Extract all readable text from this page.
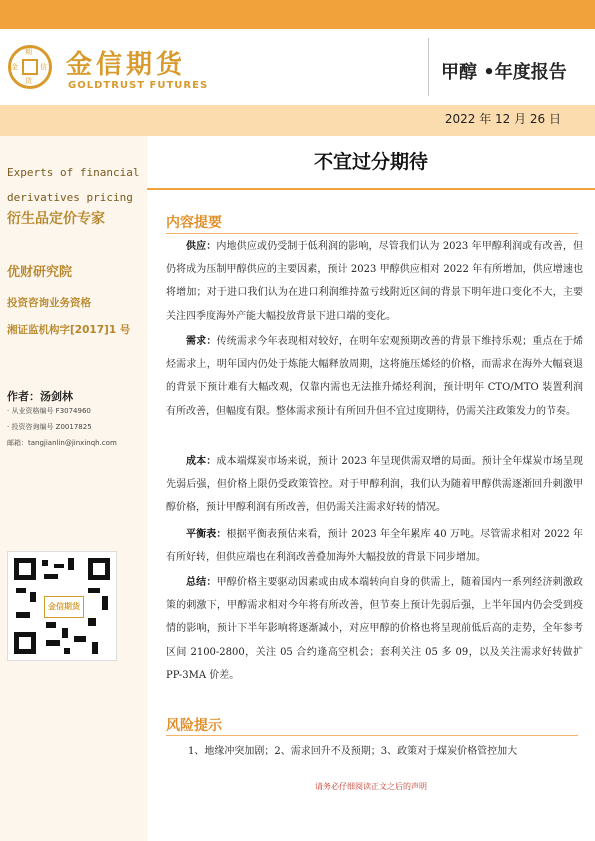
期
货
金	信 金信期货
GOLDTRUST FUTURES
甲醇 •年度报告
2022 年 12 月 26 日
Experts of financial
derivatives pricing
衍生品定价专家
优财研究院
投资咨询业务资格
湘证监机构字[2017]1 号
作者：汤剑林
· 从业资格编号 F3074960
· 投资咨询编号 Z0017825
邮箱：tangjianlin@jinxinqh.com
金信期货
不宜过分期待
内容提要
供应：内地供应或仍受制于低利润的影响，尽管我们认为 2023 年甲醇利润或有改善，但仍将成为压制甲醇供应的主要因素，预计 2023 甲醇供应相对 2022 年有所增加，供应增速也将增加；对于进口我们认为在进口利润维持盈亏线附近区间的背景下明年进口变化不大，主要关注四季度海外产能大幅投放背景下进口端的变化。
需求：传统需求今年表现相对较好，在明年宏观预期改善的背景下维持乐观；重点在于烯烃需求上，明年国内仍处于炼能大幅释放周期，这将施压烯烃的价格，而需求在海外大幅衰退的背景下预计难有大幅改观，仅靠内需也无法推升烯烃利润，预计明年 CTO/MTO 装置利润有所改善，但幅度有限。整体需求预计有所回升但不宜过度期待，仍需关注政策发力的节奏。
成本：成本端煤炭市场来说，预计 2023 年呈现供需双增的局面。预计全年煤炭市场呈现先弱后强，但价格上限仍受政策管控。对于甲醇利润，我们认为随着甲醇供需逐渐回升刺激甲醇价格，预计甲醇利润有所改善，但仍需关注需求好转的情况。
平衡表：根据平衡表预估来看，预计 2023 年全年累库 40 万吨。尽管需求相对 2022 年有所好转，但供应端也在利润改善叠加海外大幅投放的背景下同步增加。
总结：甲醇价格主要驱动因素或由成本端转向自身的供需上，随着国内一系列经济刺激政策的刺激下，甲醇需求相对今年将有所改善，但节奏上预计先弱后强，上半年国内仍会受到疫情的影响，预计下半年影响将逐渐减小，对应甲醇的价格也将呈现前低后高的走势，全年参考区间 2100-2800，关注 05 合约逢高空机会；套利关注 05 多 09，以及关注需求好转做扩 PP-3MA 价差。
风险提示
1、地缘冲突加剧；2、需求回升不及预期；3、政策对于煤炭价格管控加大
请务必仔细阅读正文之后的声明
